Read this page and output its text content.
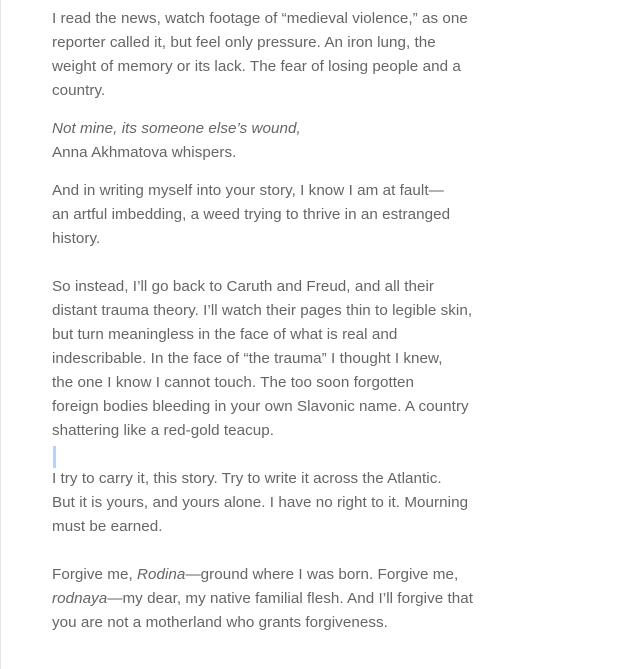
I read the news, watch footage of “medieval violence,” as one
reporter called it, but feel only pressure. An iron lung, the
weight of memory or its lack. The fear of losing people and a
country.
Not mine, its someone else’s wound,
Anna Akhmatova whispers.
And in writing myself into your story, I know I am at fault—
an artful imbedding, a weed trying to thrive in an estranged
history.
So instead, I’ll go back to Caruth and Freud, and all their
distant trauma theory. I’ll watch their pages thin to legible skin,
but turn meaningless in the face of what is real and
indescribable. In the face of “the trauma” I thought I knew,
the one I know I cannot touch. The too soon forgotten
foreign bodies bleeding in your own Slavonic name. A country
shattering like a red-gold teacup.
I try to carry it, this story. Try to write it across the Atlantic.
But it is yours, and yours alone. I have no right to it. Mourning
must be earned.
Forgive me, Rodina—ground where I was born. Forgive me,
rodnaya—my dear, my native familial flesh. And I’ll forgive that
you are not a motherland who grants forgiveness.
